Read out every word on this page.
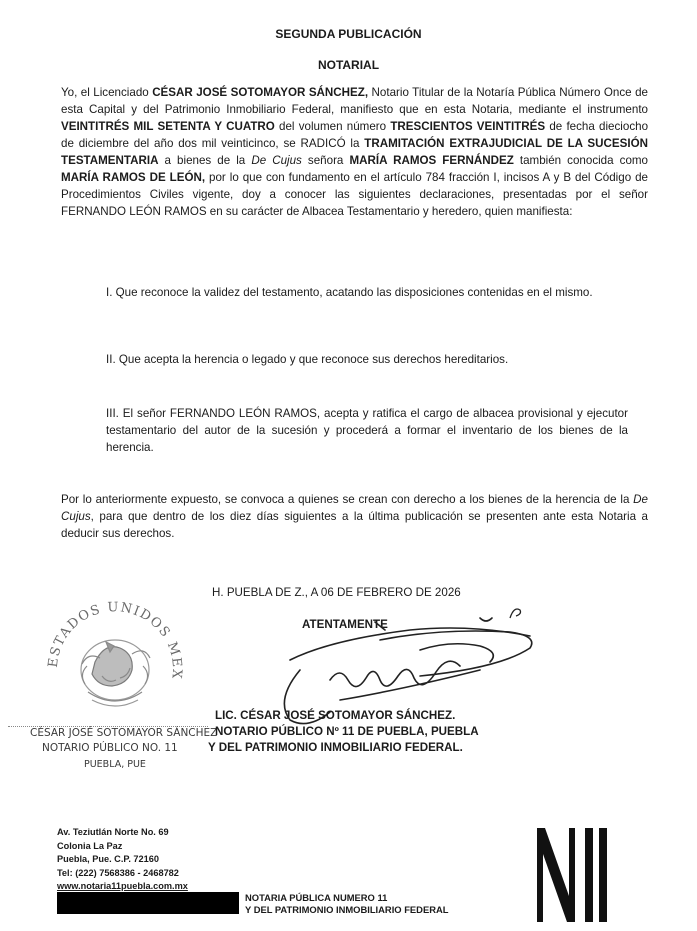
SEGUNDA PUBLICACIÓN
NOTARIAL
Yo, el Licenciado CÉSAR JOSÉ SOTOMAYOR SÁNCHEZ, Notario Titular de la Notaría Pública Número Once de esta Capital y del Patrimonio Inmobiliario Federal, manifiesto que en esta Notaria, mediante el instrumento VEINTITRÉS MIL SETENTA Y CUATRO del volumen número TRESCIENTOS VEINTITRÉS de fecha dieciocho de diciembre del año dos mil veinticinco, se RADICÓ la TRAMITACIÓN EXTRAJUDICIAL DE LA SUCESIÓN TESTAMENTARIA a bienes de la De Cujus señora MARÍA RAMOS FERNÁNDEZ también conocida como MARÍA RAMOS DE LEÓN, por lo que con fundamento en el artículo 784 fracción I, incisos A y B del Código de Procedimientos Civiles vigente, doy a conocer las siguientes declaraciones, presentadas por el señor FERNANDO LEÓN RAMOS en su carácter de Albacea Testamentario y heredero, quien manifiesta:
I. Que reconoce la validez del testamento, acatando las disposiciones contenidas en el mismo.
II. Que acepta la herencia o legado y que reconoce sus derechos hereditarios.
III. El señor FERNANDO LEÓN RAMOS, acepta y ratifica el cargo de albacea provisional y ejecutor testamentario del autor de la sucesión y procederá a formar el inventario de los bienes de la herencia.
Por lo anteriormente expuesto, se convoca a quienes se crean con derecho a los bienes de la herencia de la De Cujus, para que dentro de los diez días siguientes a la última publicación se presenten ante esta Notaria a deducir sus derechos.
H. PUEBLA DE Z., A 06 DE FEBRERO DE 2026
ATENTAMENTE
ESTADOS UNIDOS MEX
CÉSAR JOSÉ SOTOMAYOR SÁNCHEZ
NOTARIO PÚBLICO NO. 11
PUEBLA, PUE
LIC. CÉSAR JOSÉ SOTOMAYOR SÁNCHEZ.
NOTARIO PÚBLICO Nº 11 DE PUEBLA, PUEBLA
Y DEL PATRIMONIO INMOBILIARIO FEDERAL.
Av. Teziutlán Norte No. 69
Colonia La Paz
Puebla, Pue. C.P. 72160
Tel: (222) 7568386 - 2468782
www.notaria11puebla.com.mx
NOTARIA PÚBLICA NUMERO 11
Y DEL PATRIMONIO INMOBILIARIO FEDERAL
